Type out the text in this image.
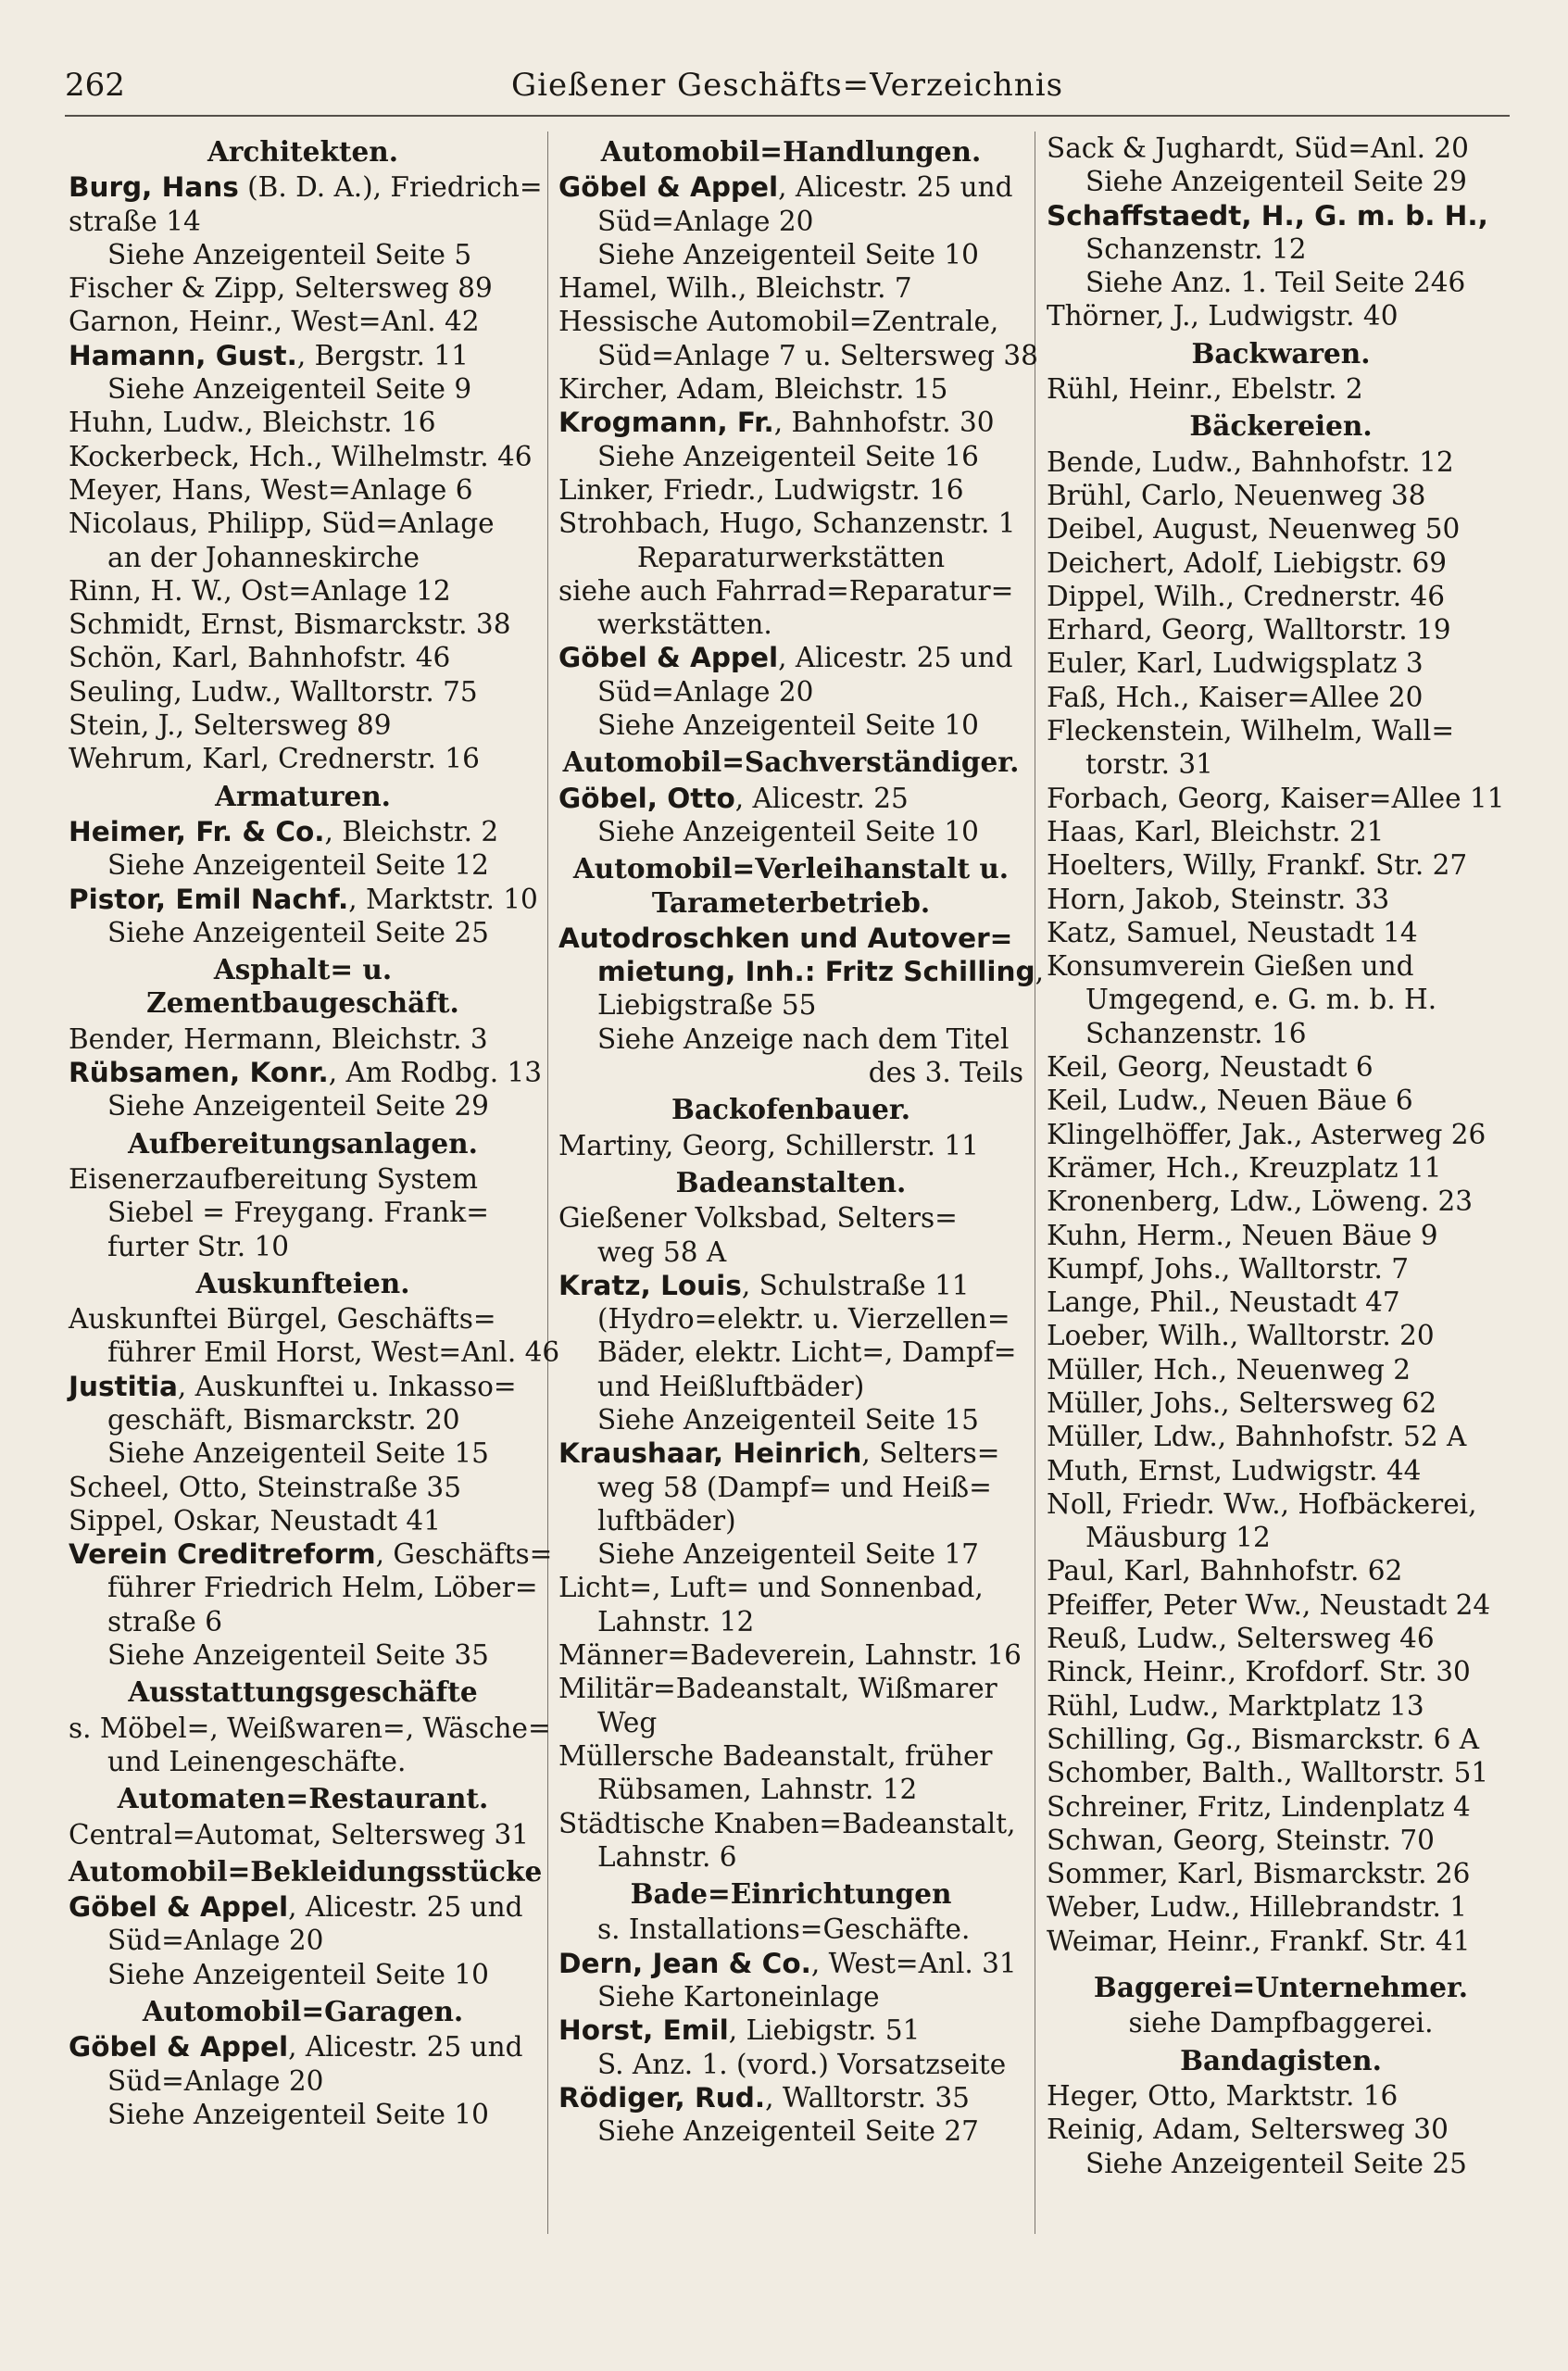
262	Gießener Geschäfts=Verzeichnis
Architekten.
Burg, Hans (B. D. A.), Friedrich=
straße 14
Siehe Anzeigenteil Seite 5
Fischer & Zipp, Seltersweg 89
Garnon, Heinr., West=Anl. 42
Hamann, Gust., Bergstr. 11
Siehe Anzeigenteil Seite 9
Huhn, Ludw., Bleichstr. 16
Kockerbeck, Hch., Wilhelmstr. 46
Meyer, Hans, West=Anlage 6
Nicolaus, Philipp, Süd=Anlage
an der Johanneskirche
Rinn, H. W., Ost=Anlage 12
Schmidt, Ernst, Bismarckstr. 38
Schön, Karl, Bahnhofstr. 46
Seuling, Ludw., Walltorstr. 75
Stein, J., Seltersweg 89
Wehrum, Karl, Crednerstr. 16
Armaturen.
Heimer, Fr. & Co., Bleichstr. 2
Siehe Anzeigenteil Seite 12
Pistor, Emil Nachf., Marktstr. 10
Siehe Anzeigenteil Seite 25
Asphalt= u. Zementbaugeschäft.
Bender, Hermann, Bleichstr. 3
Rübsamen, Konr., Am Rodbg. 13
Siehe Anzeigenteil Seite 29
Aufbereitungsanlagen.
Eisenerzaufbereitung System
Siebel = Freygang. Frank=
furter Str. 10
Auskunfteien.
Auskunftei Bürgel, Geschäfts=
führer Emil Horst, West=Anl. 46
Justitia, Auskunftei u. Inkasso=
geschäft, Bismarckstr. 20
Siehe Anzeigenteil Seite 15
Scheel, Otto, Steinstraße 35
Sippel, Oskar, Neustadt 41
Verein Creditreform, Geschäfts=
führer Friedrich Helm, Löber=
straße 6
Siehe Anzeigenteil Seite 35
Ausstattungsgeschäfte
s. Möbel=, Weißwaren=, Wäsche=
und Leinengeschäfte.
Automaten=Restaurant.
Central=Automat, Seltersweg 31
Automobil=Bekleidungsstücke
Göbel & Appel, Alicestr. 25 und
Süd=Anlage 20
Siehe Anzeigenteil Seite 10
Automobil=Garagen.
Göbel & Appel, Alicestr. 25 und
Süd=Anlage 20
Siehe Anzeigenteil Seite 10
Automobil=Handlungen.
Göbel & Appel, Alicestr. 25 und
Süd=Anlage 20
Siehe Anzeigenteil Seite 10
Hamel, Wilh., Bleichstr. 7
Hessische Automobil=Zentrale,
Süd=Anlage 7 u. Seltersweg 38
Kircher, Adam, Bleichstr. 15
Krogmann, Fr., Bahnhofstr. 30
Siehe Anzeigenteil Seite 16
Linker, Friedr., Ludwigstr. 16
Strohbach, Hugo, Schanzenstr. 1
Reparaturwerkstätten
siehe auch Fahrrad=Reparatur=
werkstätten.
Göbel & Appel, Alicestr. 25 und
Süd=Anlage 20
Siehe Anzeigenteil Seite 10
Automobil=Sachverständiger.
Göbel, Otto, Alicestr. 25
Siehe Anzeigenteil Seite 10
Automobil=Verleihanstalt u. Tarameterbetrieb.
Autodroschken und Autover=
mietung, Inh.: Fritz Schilling,
Liebigstraße 55
Siehe Anzeige nach dem Titel
des 3. Teils
Backofenbauer.
Martiny, Georg, Schillerstr. 11
Badeanstalten.
Gießener Volksbad, Selters=
weg 58 A
Kratz, Louis, Schulstraße 11
(Hydro=elektr. u. Vierzellen=
Bäder, elektr. Licht=, Dampf=
und Heißluftbäder)
Siehe Anzeigenteil Seite 15
Kraushaar, Heinrich, Selters=
weg 58 (Dampf= und Heiß=
luftbäder)
Siehe Anzeigenteil Seite 17
Licht=, Luft= und Sonnenbad,
Lahnstr. 12
Männer=Badeverein, Lahnstr. 16
Militär=Badeanstalt, Wißmarer
Weg
Müllersche Badeanstalt, früher
Rübsamen, Lahnstr. 12
Städtische Knaben=Badeanstalt,
Lahnstr. 6
Bade=Einrichtungen
s. Installations=Geschäfte.
Dern, Jean & Co., West=Anl. 31
Siehe Kartoneinlage
Horst, Emil, Liebigstr. 51
S. Anz. 1. (vord.) Vorsatzseite
Rödiger, Rud., Walltorstr. 35
Siehe Anzeigenteil Seite 27
Sack & Jughardt, Süd=Anl. 20
Siehe Anzeigenteil Seite 29
Schaffstaedt, H., G. m. b. H.,
Schanzenstr. 12
Siehe Anz. 1. Teil Seite 246
Thörner, J., Ludwigstr. 40
Backwaren.
Rühl, Heinr., Ebelstr. 2
Bäckereien.
Bende, Ludw., Bahnhofstr. 12
Brühl, Carlo, Neuenweg 38
Deibel, August, Neuenweg 50
Deichert, Adolf, Liebigstr. 69
Dippel, Wilh., Crednerstr. 46
Erhard, Georg, Walltorstr. 19
Euler, Karl, Ludwigsplatz 3
Faß, Hch., Kaiser=Allee 20
Fleckenstein, Wilhelm, Wall=
torstr. 31
Forbach, Georg, Kaiser=Allee 11
Haas, Karl, Bleichstr. 21
Hoelters, Willy, Frankf. Str. 27
Horn, Jakob, Steinstr. 33
Katz, Samuel, Neustadt 14
Konsumverein Gießen und
Umgegend, e. G. m. b. H.
Schanzenstr. 16
Keil, Georg, Neustadt 6
Keil, Ludw., Neuen Bäue 6
Klingelhöffer, Jak., Asterweg 26
Krämer, Hch., Kreuzplatz 11
Kronenberg, Ldw., Löweng. 23
Kuhn, Herm., Neuen Bäue 9
Kumpf, Johs., Walltorstr. 7
Lange, Phil., Neustadt 47
Loeber, Wilh., Walltorstr. 20
Müller, Hch., Neuenweg 2
Müller, Johs., Seltersweg 62
Müller, Ldw., Bahnhofstr. 52 A
Muth, Ernst, Ludwigstr. 44
Noll, Friedr. Ww., Hofbäckerei,
Mäusburg 12
Paul, Karl, Bahnhofstr. 62
Pfeiffer, Peter Ww., Neustadt 24
Reuß, Ludw., Seltersweg 46
Rinck, Heinr., Krofdorf. Str. 30
Rühl, Ludw., Marktplatz 13
Schilling, Gg., Bismarckstr. 6 A
Schomber, Balth., Walltorstr. 51
Schreiner, Fritz, Lindenplatz 4
Schwan, Georg, Steinstr. 70
Sommer, Karl, Bismarckstr. 26
Weber, Ludw., Hillebrandstr. 1
Weimar, Heinr., Frankf. Str. 41
Baggerei=Unternehmer.
siehe Dampfbaggerei.
Bandagisten.
Heger, Otto, Marktstr. 16
Reinig, Adam, Seltersweg 30
Siehe Anzeigenteil Seite 25
